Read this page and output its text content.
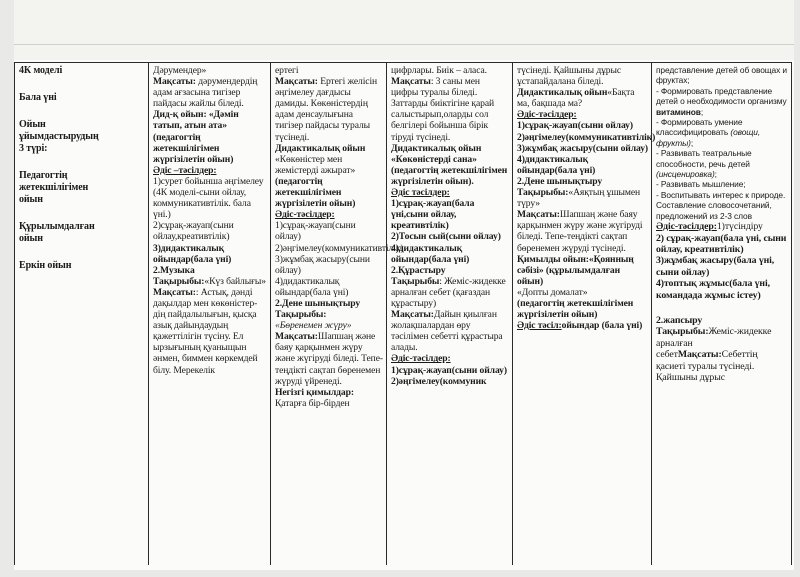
4К моделі

Бала үні

Ойын

ұйымдастырудың

3 түрі:

Педагогтің

жетекшілігімен

ойын

Құрылымдалған

ойын

Еркін ойын

Дәрумендер»

Мақсаты: дәрумендердің адам ағзасына тигізер пайдасы жайлы біледі.

Дид-қ ойын: «Дәмін татып, атын ата» (педагогтің жетекшілігімен жүргізілетін ойын)

Әдіс –тәсілдер:

1)сурет бойынша әңгімелеу (4К моделі-сыни ойлау, коммуникативтілік. бала үні.)

2)сұрақ-жауап(сыни ойлау,креативтілік)

3)дидактикалық ойындар(бала үні)

2.Музыка

Тақырыбы:«Күз байлығы»

Мақсаты:: Астық, дәнді дақылдар мен көкөністер-дің пайдалылығын, қысқа азық дайындаудың қажеттілігін түсіну. Ел ырзығының қуаныщын әнмен, биммен көркемдей білу. Мерекелік

ертегі

Мақсаты: Ертегі желісін әңгімелеу дағдысы дамиды. Көкөністердің адам денсаулығына тигізер пайдасы туралы түсінеді.

Дидактикалық ойын «Көкөністер мен жемістерді ажырат»

(педагогтің жетекшілігімен жүргізілетін ойын)

Әдіс-тәсілдер:

1)сұрақ-жауап(сыни ойлау)

2)әңгімелеу(коммуникативтілік)

3)жұмбақ жасыру(сыни ойлау)

4)дидактикалық ойындар(бала үні)

2.Дене шынықтыру

Тақырыбы:

«Бөренемен жүру»

Мақсаты:Шапшаң және баяу қарқынмен жүру және жүгіруді біледі. Тепе-теңдікті сақтап бөренемен жүруді үйренеді.

Негізгі қимылдар:

Қатарға бір-бірден

цифрлары. Биік – аласа.

Мақсаты: 3 саны мен цифры туралы біледі. Заттарды биіктігіне қарай салыстырып,оларды сол белгілері бойынша бірік тіруді түсінеді.

Дидактикалық ойын «Көкөністерді сана»

(педагогтің жетекшілігімен жүргізілетін ойын).

Әдіс тәсілдер:

1)сұрақ-жауап(бала үні,сыни ойлау, креативтілік)

2)Тосын сый(сыни ойлау)

4)дидактикалық ойындар(бала үні)

2.Құрастыру

Тақырыбы: Жеміс-жидекке арналған себет (қағаздан құрастыру)

Мақсаты:Дайын қиылған жолақшалардан өру тәсілімен себетті құрастыра алады.

Әдіс-тәсілдер:

1)сұрақ-жауап(сыни ойлау)

2)әңгімелеу(коммуник

түсінеді. Қайшыны дұрыс ұстапайдалана біледі.

Дидактикалық ойын«Бақта ма, бақшада ма?

Әдіс-тәсілдер:

1)сұрақ-жауап(сыни ойлау)

2)әңгімелеу(коммуникативтілік)

3)жұмбақ жасыру(сыни ойлау)

4)дидактикалық ойындар(бала үні)

2.Дене шынықтыру

Тақырыбы:«Аяқтың ұшымен түру»

Мақсаты:Шапшаң және баяу қарқынмен жүру және жүгіруді біледі. Тепе-теңдікті сақтап бөренемен жүруді түсінеді.

Қимылды ойын:«Қоянның сәбізі» (құрылымдалған ойын)

«Допты домалат»

(педагогтің жетекшілігімен жүргізілетін ойын)

Әдіс тәсіл:ойындар (бала үні)

представление детей об овощах и фруктах;

- Формировать представление детей о необходимости организму витаминов;

- Формировать умение классифицировать (овощи, фрукты);

- Развивать театральные способности, речь детей (инсценировка);

- Развивать мышление;

- Воспитывать интерес к природе.

Составление словосочетаний, предложений из 2-3 слов

Әдіс-тәсілдер:1)түсіндіру

2) сұрақ-жауап(бала үні, сыни ойлау, креативтілік)

3)жұмбақ жасыру(бала үні, сыни ойлау)

4)топтық жұмыс(бала үні, командада жұмыс істеу)

2.жапсыру

Тақырыбы:Жеміс-жидекке арналған себетМақсаты:Себеттің қасиеті туралы түсінеді. Қайшыны дұрыс
